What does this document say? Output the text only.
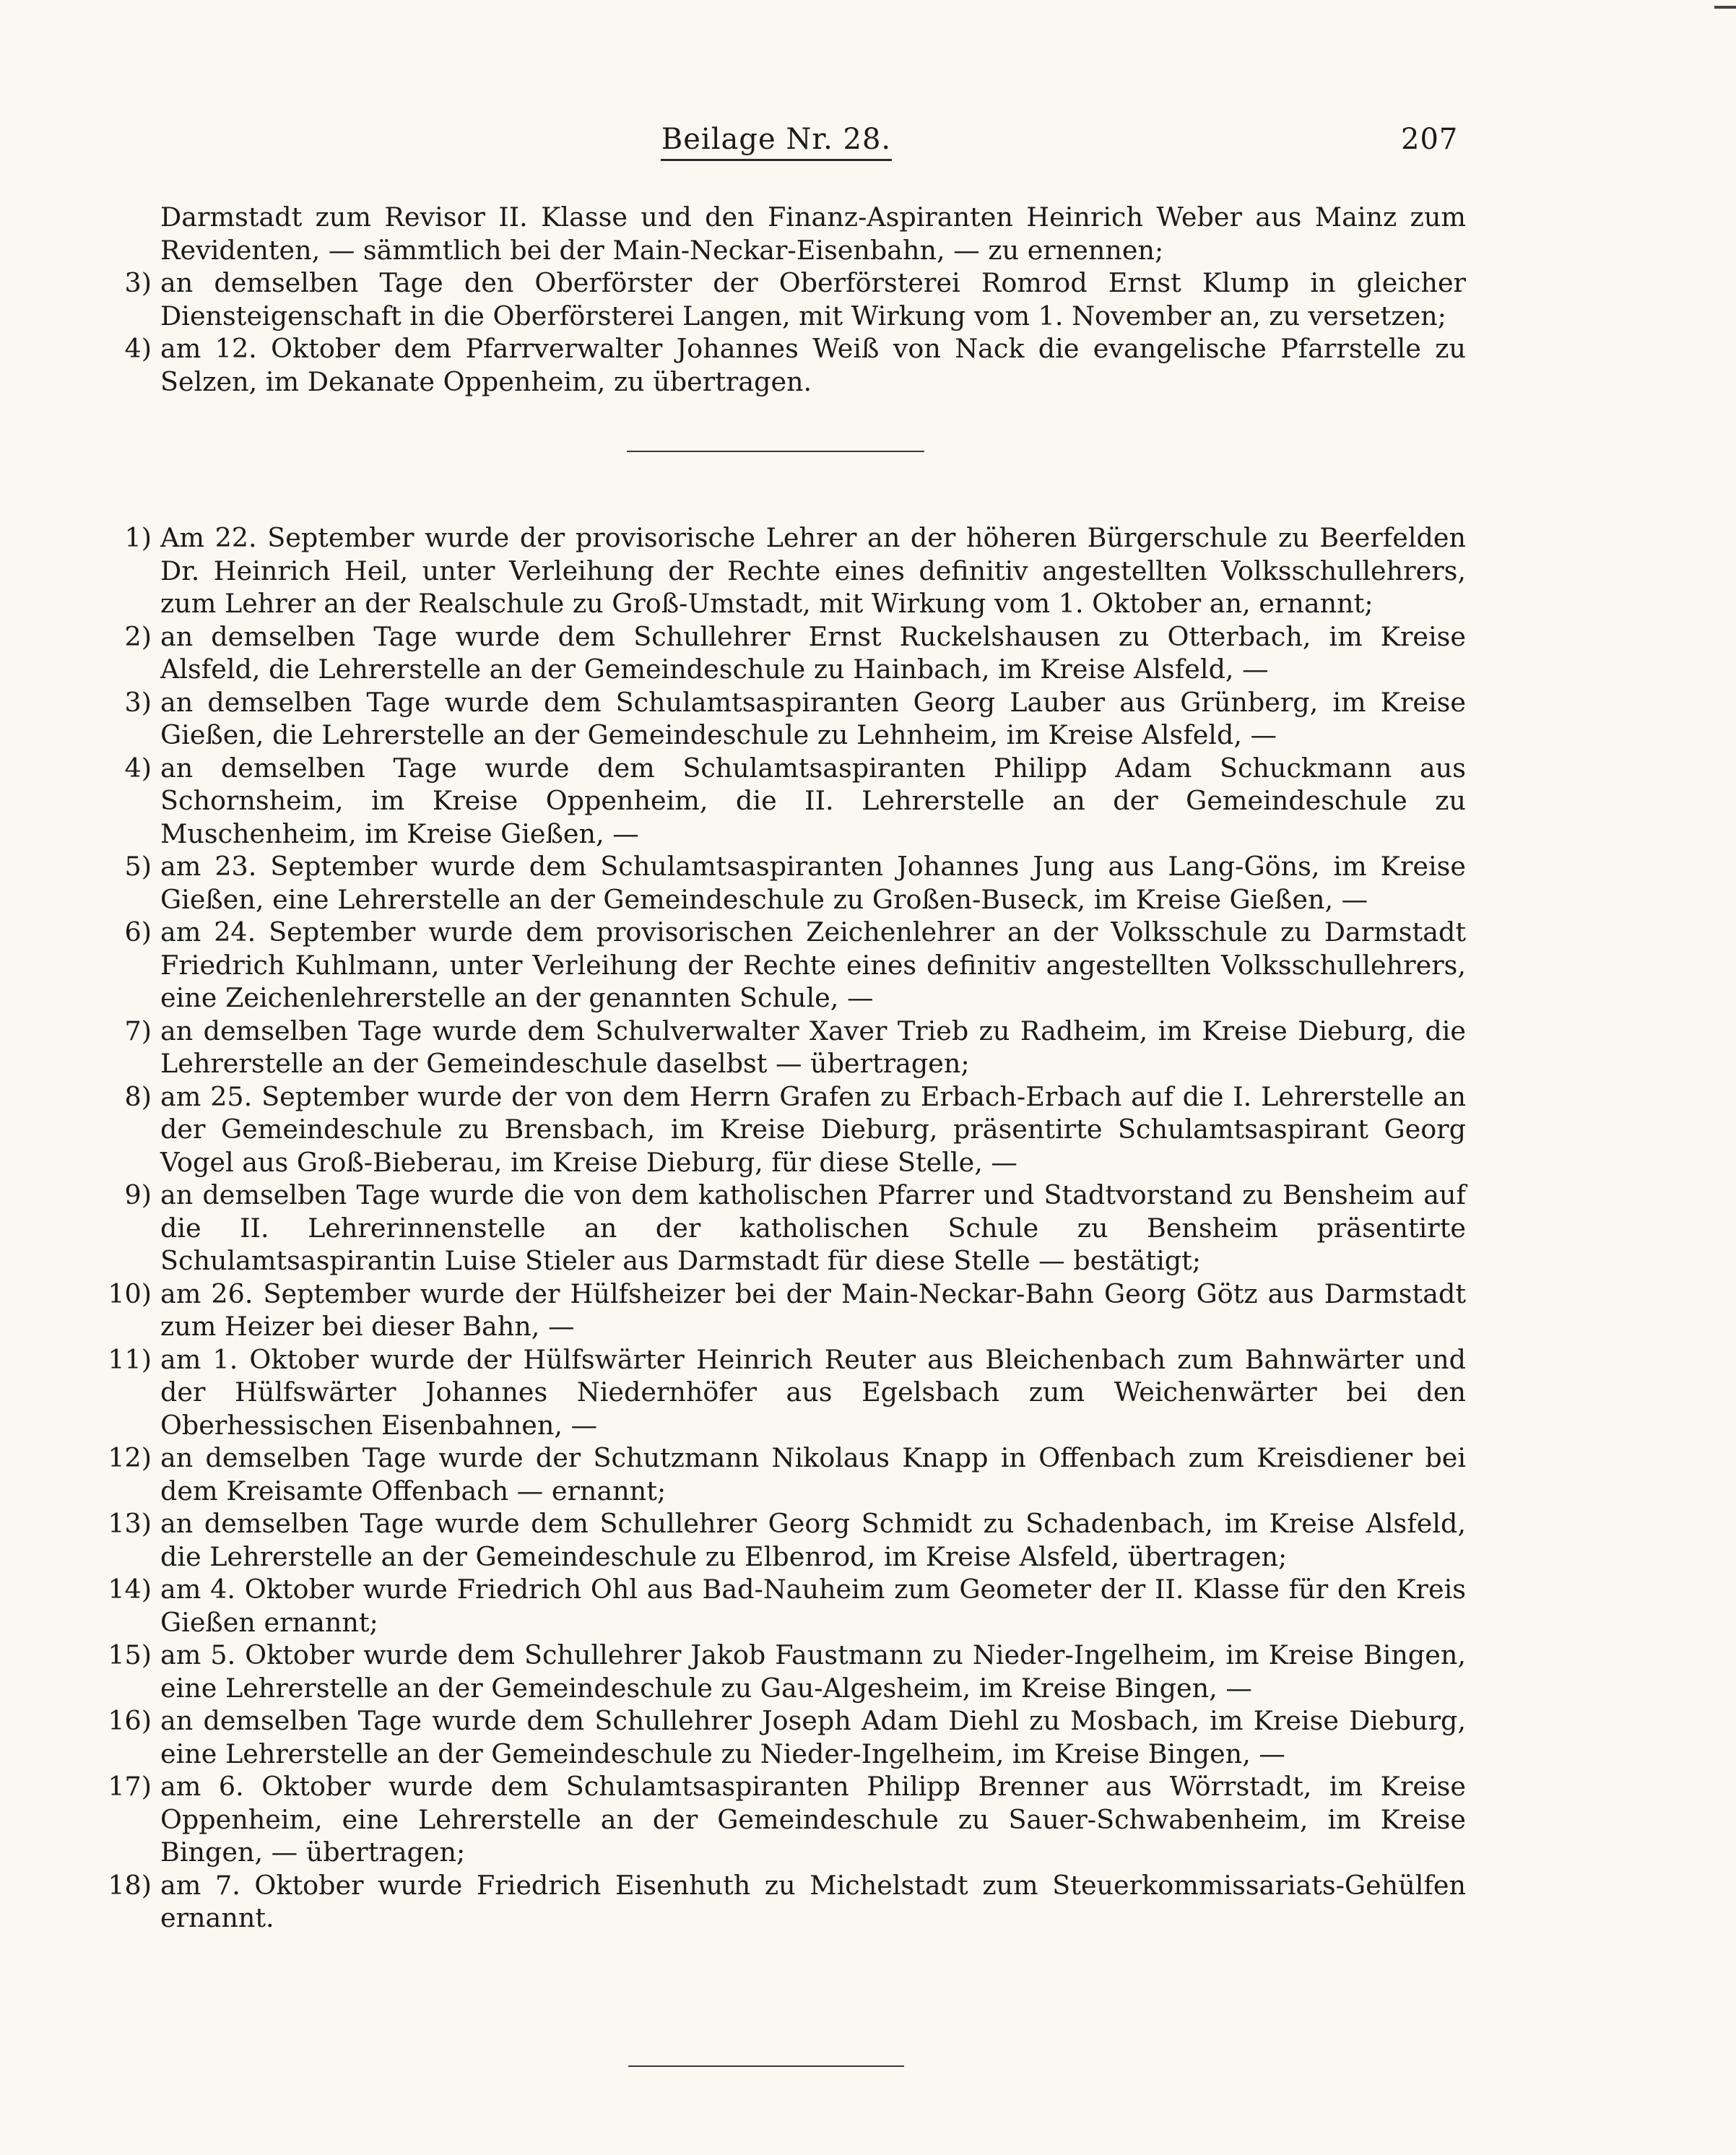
Beilage Nr. 28.	207
Darmstadt zum Revisor II. Klasse und den Finanz-Aspiranten Heinrich Weber aus Mainz zum Revidenten, — sämmtlich bei der Main-Neckar-Eisenbahn, — zu ernennen;
3) an demselben Tage den Oberförster der Oberförsterei Romrod Ernst Klump in gleicher Diensteigenschaft in die Oberförsterei Langen, mit Wirkung vom 1. November an, zu versetzen;
4) am 12. Oktober dem Pfarrverwalter Johannes Weiß von Nack die evangelische Pfarrstelle zu Selzen, im Dekanate Oppenheim, zu übertragen.
1) Am 22. September wurde der provisorische Lehrer an der höheren Bürgerschule zu Beerfelden Dr. Heinrich Heil, unter Verleihung der Rechte eines definitiv angestellten Volksschullehrers, zum Lehrer an der Realschule zu Groß-Umstadt, mit Wirkung vom 1. Oktober an, ernannt;
2) an demselben Tage wurde dem Schullehrer Ernst Ruckelshausen zu Otterbach, im Kreise Alsfeld, die Lehrerstelle an der Gemeindeschule zu Hainbach, im Kreise Alsfeld, —
3) an demselben Tage wurde dem Schulamtsaspiranten Georg Lauber aus Grünberg, im Kreise Gießen, die Lehrerstelle an der Gemeindeschule zu Lehnheim, im Kreise Alsfeld, —
4) an demselben Tage wurde dem Schulamtsaspiranten Philipp Adam Schuckmann aus Schornsheim, im Kreise Oppenheim, die II. Lehrerstelle an der Gemeindeschule zu Muschenheim, im Kreise Gießen, —
5) am 23. September wurde dem Schulamtsaspiranten Johannes Jung aus Lang-Göns, im Kreise Gießen, eine Lehrerstelle an der Gemeindeschule zu Großen-Buseck, im Kreise Gießen, —
6) am 24. September wurde dem provisorischen Zeichenlehrer an der Volksschule zu Darmstadt Friedrich Kuhlmann, unter Verleihung der Rechte eines definitiv angestellten Volksschullehrers, eine Zeichenlehrerstelle an der genannten Schule, —
7) an demselben Tage wurde dem Schulverwalter Xaver Trieb zu Radheim, im Kreise Dieburg, die Lehrerstelle an der Gemeindeschule daselbst — übertragen;
8) am 25. September wurde der von dem Herrn Grafen zu Erbach-Erbach auf die I. Lehrerstelle an der Gemeindeschule zu Brensbach, im Kreise Dieburg, präsentirte Schulamtsaspirant Georg Vogel aus Groß-Bieberau, im Kreise Dieburg, für diese Stelle, —
9) an demselben Tage wurde die von dem katholischen Pfarrer und Stadtvorstand zu Bensheim auf die II. Lehrerinnenstelle an der katholischen Schule zu Bensheim präsentirte Schulamtsaspirantin Luise Stieler aus Darmstadt für diese Stelle — bestätigt;
10) am 26. September wurde der Hülfsheizer bei der Main-Neckar-Bahn Georg Götz aus Darmstadt zum Heizer bei dieser Bahn, —
11) am 1. Oktober wurde der Hülfswärter Heinrich Reuter aus Bleichenbach zum Bahnwärter und der Hülfswärter Johannes Niedernhöfer aus Egelsbach zum Weichenwärter bei den Oberhessischen Eisenbahnen, —
12) an demselben Tage wurde der Schutzmann Nikolaus Knapp in Offenbach zum Kreisdiener bei dem Kreisamte Offenbach — ernannt;
13) an demselben Tage wurde dem Schullehrer Georg Schmidt zu Schadenbach, im Kreise Alsfeld, die Lehrerstelle an der Gemeindeschule zu Elbenrod, im Kreise Alsfeld, übertragen;
14) am 4. Oktober wurde Friedrich Ohl aus Bad-Nauheim zum Geometer der II. Klasse für den Kreis Gießen ernannt;
15) am 5. Oktober wurde dem Schullehrer Jakob Faustmann zu Nieder-Ingelheim, im Kreise Bingen, eine Lehrerstelle an der Gemeindeschule zu Gau-Algesheim, im Kreise Bingen, —
16) an demselben Tage wurde dem Schullehrer Joseph Adam Diehl zu Mosbach, im Kreise Dieburg, eine Lehrerstelle an der Gemeindeschule zu Nieder-Ingelheim, im Kreise Bingen, —
17) am 6. Oktober wurde dem Schulamtsaspiranten Philipp Brenner aus Wörrstadt, im Kreise Oppenheim, eine Lehrerstelle an der Gemeindeschule zu Sauer-Schwabenheim, im Kreise Bingen, — übertragen;
18) am 7. Oktober wurde Friedrich Eisenhuth zu Michelstadt zum Steuerkommissariats-Gehülfen ernannt.
